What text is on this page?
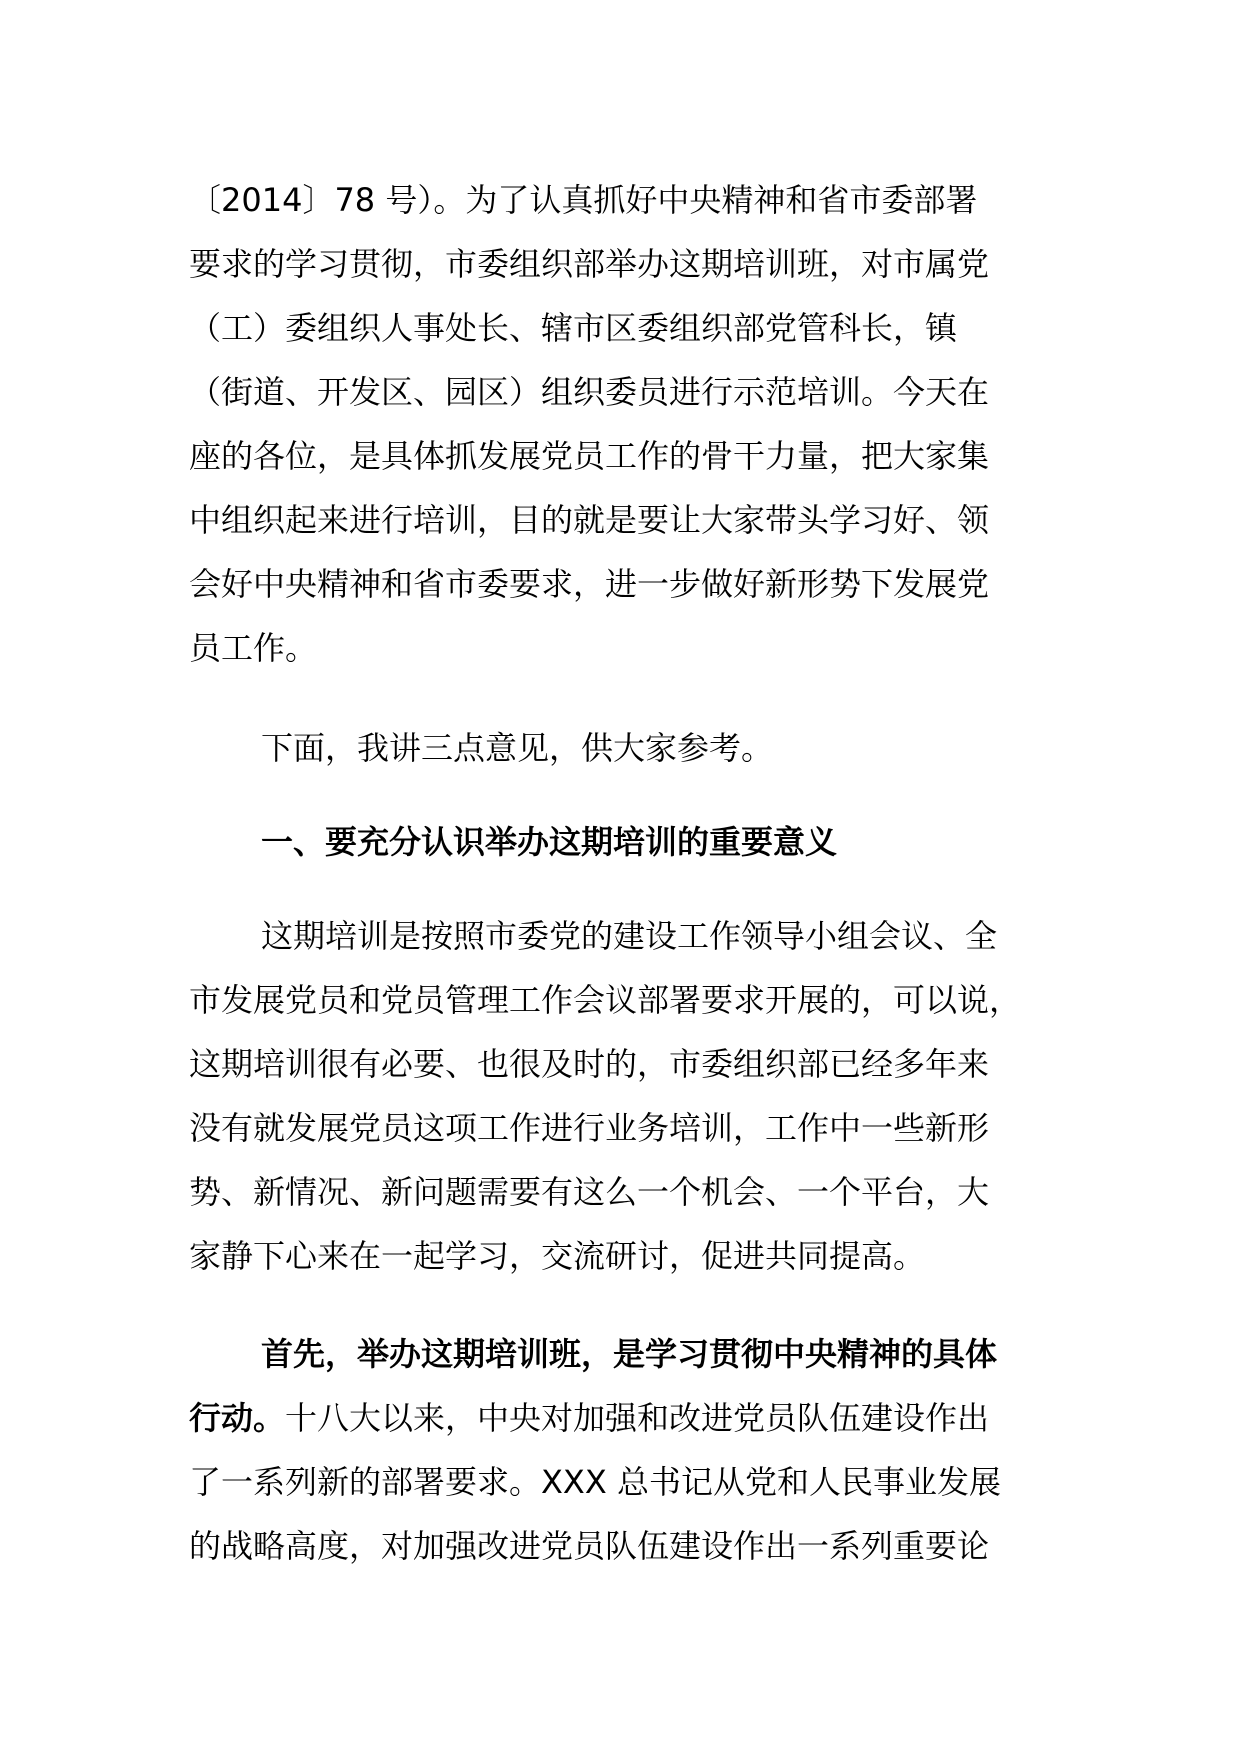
〔2014〕78 号）。为了认真抓好中央精神和省市委部署
要求的学习贯彻，市委组织部举办这期培训班，对市属党
（工）委组织人事处长、辖市区委组织部党管科长，镇
（街道、开发区、园区）组织委员进行示范培训。今天在
座的各位，是具体抓发展党员工作的骨干力量，把大家集
中组织起来进行培训，目的就是要让大家带头学习好、领
会好中央精神和省市委要求，进一步做好新形势下发展党
员工作。
下面，我讲三点意见，供大家参考。
一、要充分认识举办这期培训的重要意义
这期培训是按照市委党的建设工作领导小组会议、全
市发展党员和党员管理工作会议部署要求开展的，可以说，
这期培训很有必要、也很及时的，市委组织部已经多年来
没有就发展党员这项工作进行业务培训，工作中一些新形
势、新情况、新问题需要有这么一个机会、一个平台，大
家静下心来在一起学习，交流研讨，促进共同提高。
首先，举办这期培训班，是学习贯彻中央精神的具体
行动。十八大以来，中央对加强和改进党员队伍建设作出
了一系列新的部署要求。XXX 总书记从党和人民事业发展
的战略高度，对加强改进党员队伍建设作出一系列重要论
